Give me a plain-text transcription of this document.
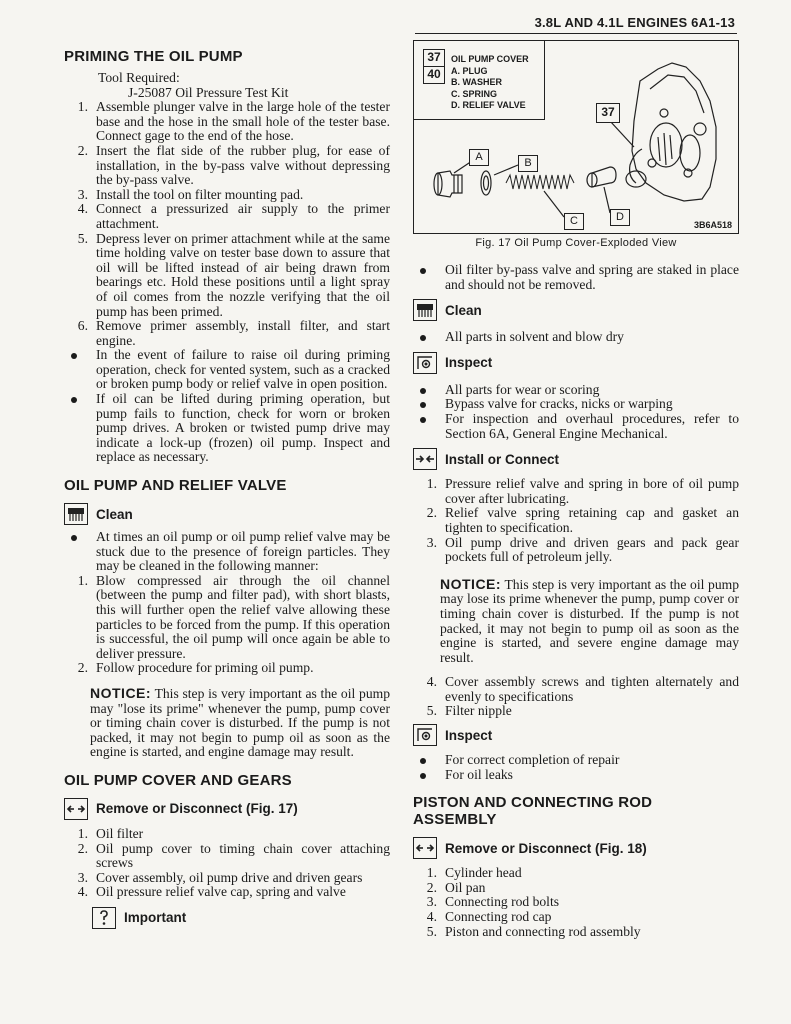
3.8L AND 4.1L ENGINES 6A1-13
PRIMING THE OIL PUMP
Tool Required:
J-25087 Oil Pressure Test Kit
1. Assemble plunger valve in the large hole of the tester base and the hose in the small hole of the tester base. Connect gage to the end of the hose.
2. Insert the flat side of the rubber plug, for ease of installation, in the by-pass valve without depressing the by-pass valve.
3. Install the tool on filter mounting pad.
4. Connect a pressurized air supply to the primer attachment.
5. Depress lever on primer attachment while at the same time holding valve on tester base down to assure that oil will be lifted instead of air being drawn from bearings etc. Hold these positions until a light spray of oil comes from the nozzle verifying that the oil pump has been primed.
6. Remove primer assembly, install filter, and start engine.
In the event of failure to raise oil during priming operation, check for vented system, such as a cracked or broken pump body or relief valve in open position.
If oil can be lifted during priming operation, but pump fails to function, check for worn or broken pump drives. A broken or twisted pump drive may indicate a lock-up (frozen) oil pump. Inspect and replace as necessary.
OIL PUMP AND RELIEF VALVE
Clean
At times an oil pump or oil pump relief valve may be stuck due to the presence of foreign particles. They may be cleaned in the following manner:
1. Blow compressed air through the oil channel (between the pump and filter pad), with short blasts, this will further open the relief valve allowing these particles to be forced from the pump. If this operation is successful, the oil pump will once again be able to deliver pressure.
2. Follow procedure for priming oil pump.
NOTICE: This step is very important as the oil pump may "lose its prime" whenever the pump, pump cover or timing chain cover is disturbed. If the pump is not packed, it may not begin to pump oil as soon as the engine is started, and engine damage may result.
OIL PUMP COVER AND GEARS
Remove or Disconnect (Fig. 17)
1. Oil filter
2. Oil pump cover to timing chain cover attaching screws
3. Cover assembly, oil pump drive and driven gears
4. Oil pressure relief valve cap, spring and valve
Important
37
40
OIL PUMP COVER
A. PLUG
B. WASHER
C. SPRING
D. RELIEF VALVE	37
A	B
C	D
3B6A518
Fig. 17 Oil Pump Cover-Exploded View
Oil filter by-pass valve and spring are staked in place and should not be removed.
Clean
All parts in solvent and blow dry
Inspect
All parts for wear or scoring
Bypass valve for cracks, nicks or warping
For inspection and overhaul procedures, refer to Section 6A, General Engine Mechanical.
Install or Connect
1. Pressure relief valve and spring in bore of oil pump cover after lubricating.
2. Relief valve spring retaining cap and gasket an tighten to specification.
3. Oil pump drive and driven gears and pack gear pockets full of petroleum jelly.
NOTICE: This step is very important as the oil pump may lose its prime whenever the pump, pump cover or timing chain cover is disturbed. If the pump is not packed, it may not begin to pump oil as soon as the engine is started, and severe engine damage may result.
4. Cover assembly screws and tighten alternately and evenly to specifications
5. Filter nipple
Inspect
For correct completion of repair
For oil leaks
PISTON AND CONNECTING ROD ASSEMBLY
Remove or Disconnect (Fig. 18)
1. Cylinder head
2. Oil pan
3. Connecting rod bolts
4. Connecting rod cap
5. Piston and connecting rod assembly
